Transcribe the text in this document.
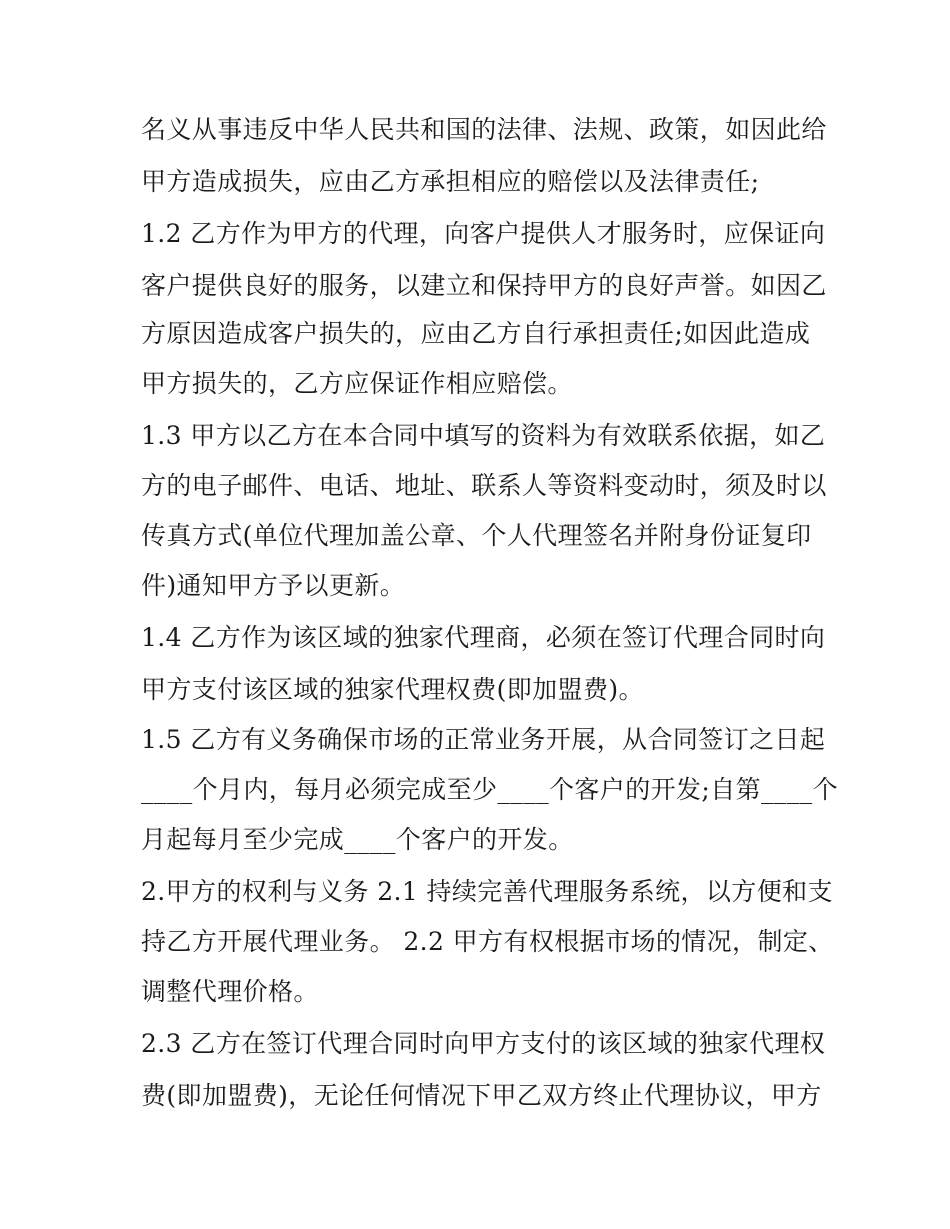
名义从事违反中华人民共和国的法律、法规、政策，如因此给
甲方造成损失，应由乙方承担相应的赔偿以及法律责任;
1.2 乙方作为甲方的代理，向客户提供人才服务时，应保证向
客户提供良好的服务，以建立和保持甲方的良好声誉。如因乙
方原因造成客户损失的，应由乙方自行承担责任;如因此造成
甲方损失的，乙方应保证作相应赔偿。
1.3 甲方以乙方在本合同中填写的资料为有效联系依据，如乙
方的电子邮件、电话、地址、联系人等资料变动时，须及时以
传真方式(单位代理加盖公章、个人代理签名并附身份证复印
件)通知甲方予以更新。
1.4 乙方作为该区域的独家代理商，必须在签订代理合同时向
甲方支付该区域的独家代理权费(即加盟费)。
1.5 乙方有义务确保市场的正常业务开展，从合同签订之日起
____个月内，每月必须完成至少____个客户的开发;自第____个
月起每月至少完成____个客户的开发。
2.甲方的权利与义务 2.1 持续完善代理服务系统，以方便和支
持乙方开展代理业务。 2.2 甲方有权根据市场的情况，制定、
调整代理价格。
2.3 乙方在签订代理合同时向甲方支付的该区域的独家代理权
费(即加盟费)，无论任何情况下甲乙双方终止代理协议，甲方
